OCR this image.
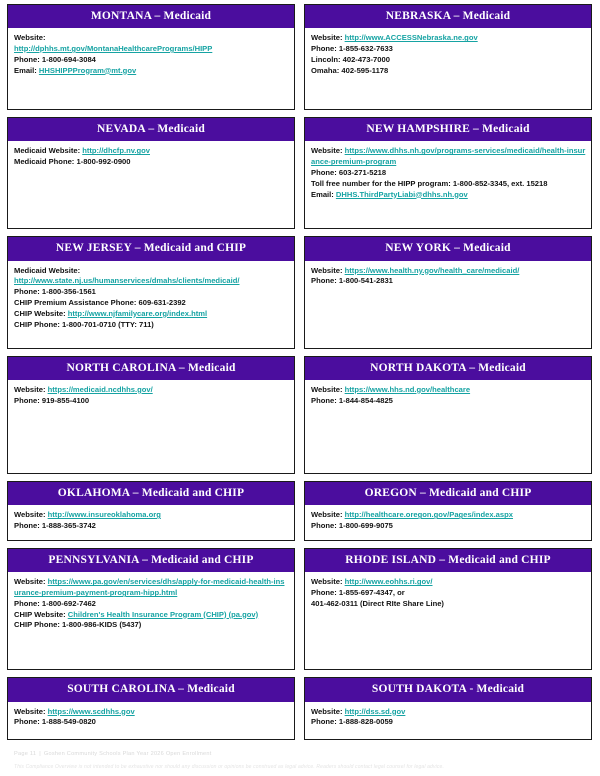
MONTANA – Medicaid
Website:
http://dphhs.mt.gov/MontanaHealthcarePrograms/HIPP
Phone: 1-800-694-3084
Email: HHSHIPPProgram@mt.gov
NEBRASKA – Medicaid
Website: http://www.ACCESSNebraska.ne.gov
Phone: 1-855-632-7633
Lincoln: 402-473-7000
Omaha: 402-595-1178
NEVADA – Medicaid
Medicaid Website: http://dhcfp.nv.gov
Medicaid Phone: 1-800-992-0900
NEW HAMPSHIRE – Medicaid
Website: https://www.dhhs.nh.gov/programs-services/medicaid/health-insurance-premium-program
Phone: 603-271-5218
Toll free number for the HIPP program: 1-800-852-3345, ext. 15218
Email: DHHS.ThirdPartyLiabi@dhhs.nh.gov
NEW JERSEY – Medicaid and CHIP
Medicaid Website:
http://www.state.nj.us/humanservices/dmahs/clients/medicaid/
Phone: 1-800-356-1561
CHIP Premium Assistance Phone: 609-631-2392
CHIP Website: http://www.njfamilycare.org/index.html
CHIP Phone: 1-800-701-0710 (TTY: 711)
NEW YORK – Medicaid
Website: https://www.health.ny.gov/health_care/medicaid/
Phone: 1-800-541-2831
NORTH CAROLINA – Medicaid
Website: https://medicaid.ncdhhs.gov/
Phone: 919-855-4100
NORTH DAKOTA – Medicaid
Website: https://www.hhs.nd.gov/healthcare
Phone: 1-844-854-4825
OKLAHOMA – Medicaid and CHIP
Website: http://www.insureoklahoma.org
Phone: 1-888-365-3742
OREGON – Medicaid and CHIP
Website: http://healthcare.oregon.gov/Pages/index.aspx
Phone: 1-800-699-9075
PENNSYLVANIA – Medicaid and CHIP
Website: https://www.pa.gov/en/services/dhs/apply-for-medicaid-health-insurance-premium-payment-program-hipp.html
Phone: 1-800-692-7462
CHIP Website: Children's Health Insurance Program (CHIP) (pa.gov)
CHIP Phone: 1-800-986-KIDS (5437)
RHODE ISLAND – Medicaid and CHIP
Website: http://www.eohhs.ri.gov/
Phone: 1-855-697-4347, or
401-462-0311 (Direct RIte Share Line)
SOUTH CAROLINA – Medicaid
Website: https://www.scdhhs.gov
Phone: 1-888-549-0820
SOUTH DAKOTA - Medicaid
Website: http://dss.sd.gov
Phone: 1-888-828-0059
Page 11 | Goshen Community Schools Plan Year 2026 Open Enrollment
This Compliance Overview is not intended to be exhaustive nor should any discussion or opinions be construed as legal advice. Readers should contact legal counsel for legal advice.
